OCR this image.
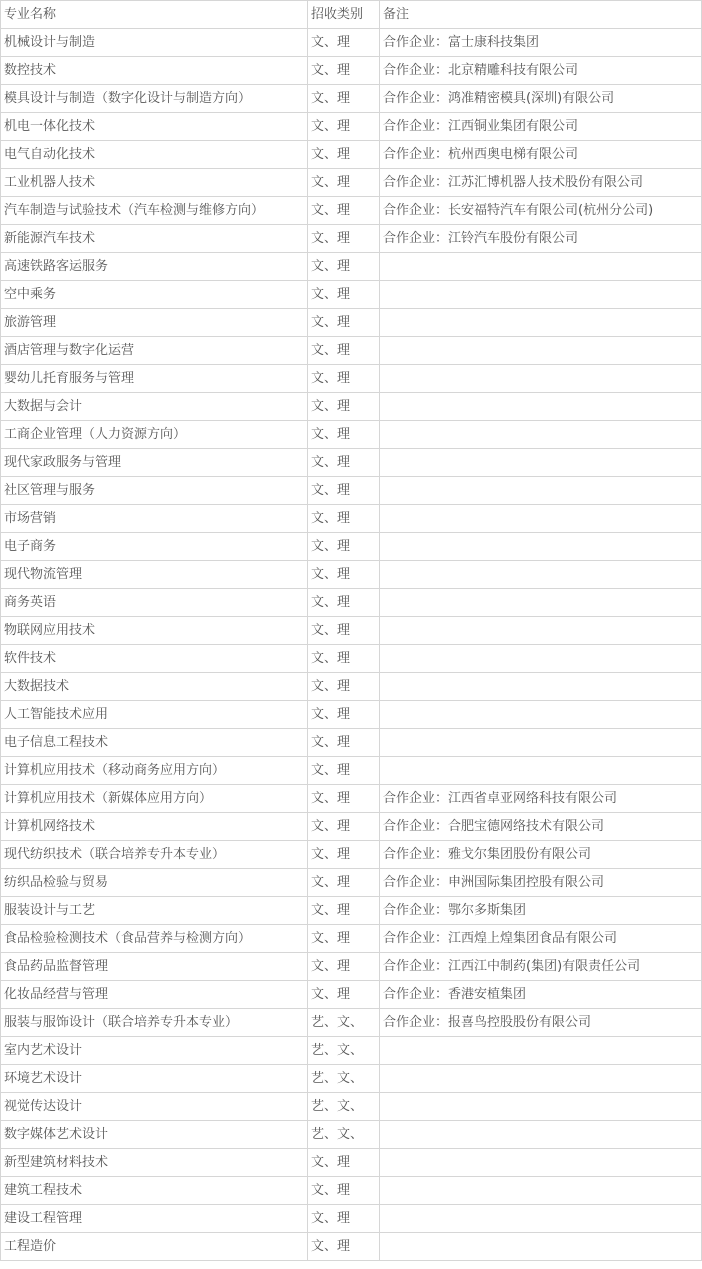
专业名称	招收类别	备注
机械设计与制造	文、理	合作企业：富士康科技集团
数控技术	文、理	合作企业：北京精雕科技有限公司
模具设计与制造（数字化设计与制造方向）	文、理	合作企业：鸿准精密模具(深圳)有限公司
机电一体化技术	文、理	合作企业：江西铜业集团有限公司
电气自动化技术	文、理	合作企业：杭州西奥电梯有限公司
工业机器人技术	文、理	合作企业：江苏汇博机器人技术股份有限公司
汽车制造与试验技术（汽车检测与维修方向）	文、理	合作企业：长安福特汽车有限公司(杭州分公司)
新能源汽车技术	文、理	合作企业：江铃汽车股份有限公司
高速铁路客运服务	文、理	
空中乘务	文、理	
旅游管理	文、理	
酒店管理与数字化运营	文、理	
婴幼儿托育服务与管理	文、理	
大数据与会计	文、理	
工商企业管理（人力资源方向）	文、理	
现代家政服务与管理	文、理	
社区管理与服务	文、理	
市场营销	文、理	
电子商务	文、理	
现代物流管理	文、理	
商务英语	文、理	
物联网应用技术	文、理	
软件技术	文、理	
大数据技术	文、理	
人工智能技术应用	文、理	
电子信息工程技术	文、理	
计算机应用技术（移动商务应用方向）	文、理	
计算机应用技术（新媒体应用方向）	文、理	合作企业：江西省卓亚网络科技有限公司
计算机网络技术	文、理	合作企业：合肥宝德网络技术有限公司
现代纺织技术（联合培养专升本专业）	文、理	合作企业：雅戈尔集团股份有限公司
纺织品检验与贸易	文、理	合作企业：申洲国际集团控股有限公司
服装设计与工艺	文、理	合作企业：鄂尔多斯集团
食品检验检测技术（食品营养与检测方向）	文、理	合作企业：江西煌上煌集团食品有限公司
食品药品监督管理	文、理	合作企业：江西江中制药(集团)有限责任公司
化妆品经营与管理	文、理	合作企业：香港安植集团
服装与服饰设计（联合培养专升本专业）	艺、文、	合作企业：报喜鸟控股股份有限公司
室内艺术设计	艺、文、	
环境艺术设计	艺、文、	
视觉传达设计	艺、文、	
数字媒体艺术设计	艺、文、	
新型建筑材料技术	文、理	
建筑工程技术	文、理	
建设工程管理	文、理	
工程造价	文、理	
